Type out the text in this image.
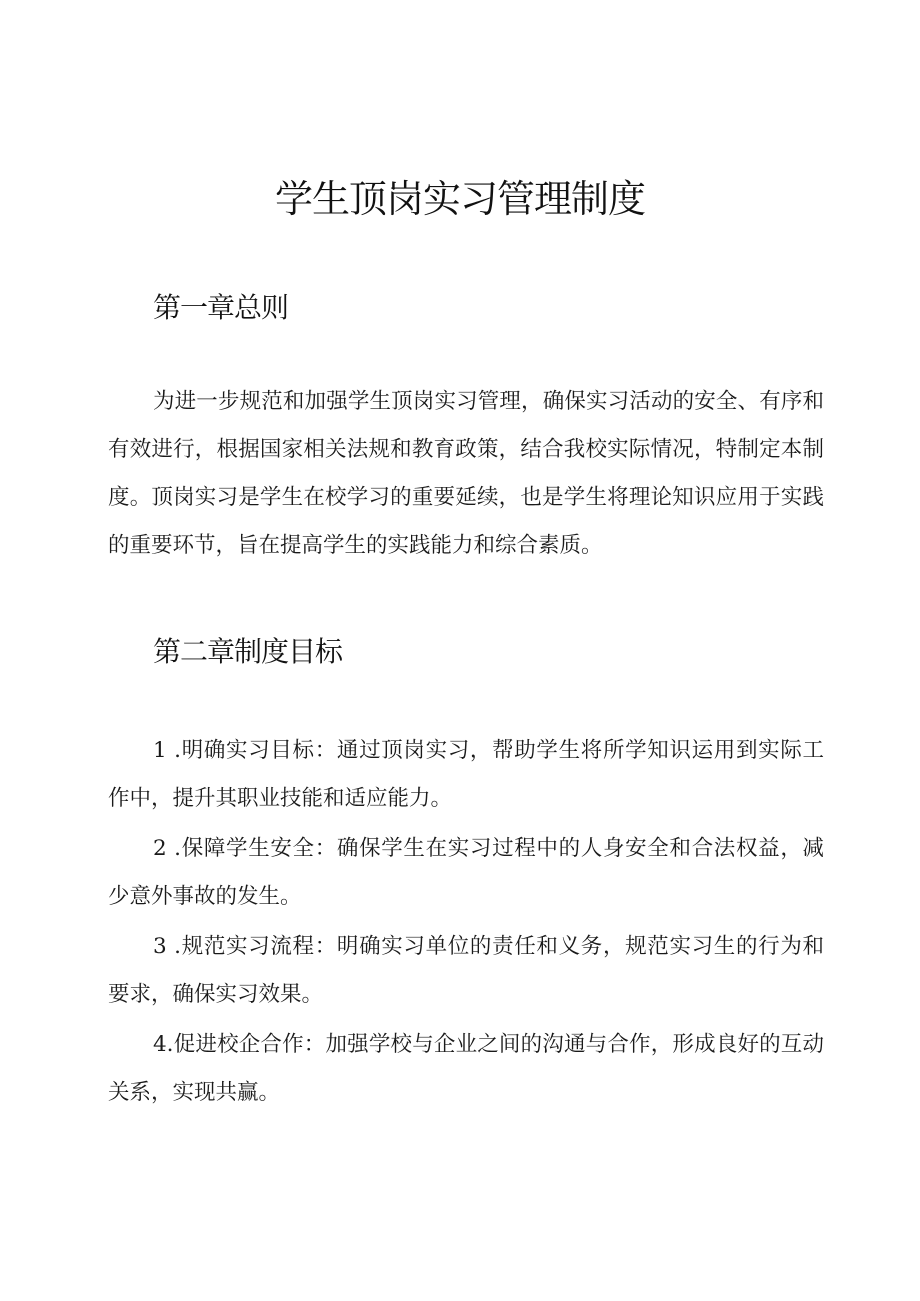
学生顶岗实习管理制度
第一章总则

为进一步规范和加强学生顶岗实习管理，确保实习活动的安全、有序和有效进行，根据国家相关法规和教育政策，结合我校实际情况，特制定本制度。顶岗实习是学生在校学习的重要延续，也是学生将理论知识应用于实践的重要环节，旨在提高学生的实践能力和综合素质。

第二章制度目标

1 .明确实习目标：通过顶岗实习，帮助学生将所学知识运用到实际工作中，提升其职业技能和适应能力。

2 .保障学生安全：确保学生在实习过程中的人身安全和合法权益，减少意外事故的发生。

3 .规范实习流程：明确实习单位的责任和义务，规范实习生的行为和要求，确保实习效果。

4.促进校企合作：加强学校与企业之间的沟通与合作，形成良好的互动关系，实现共赢。
